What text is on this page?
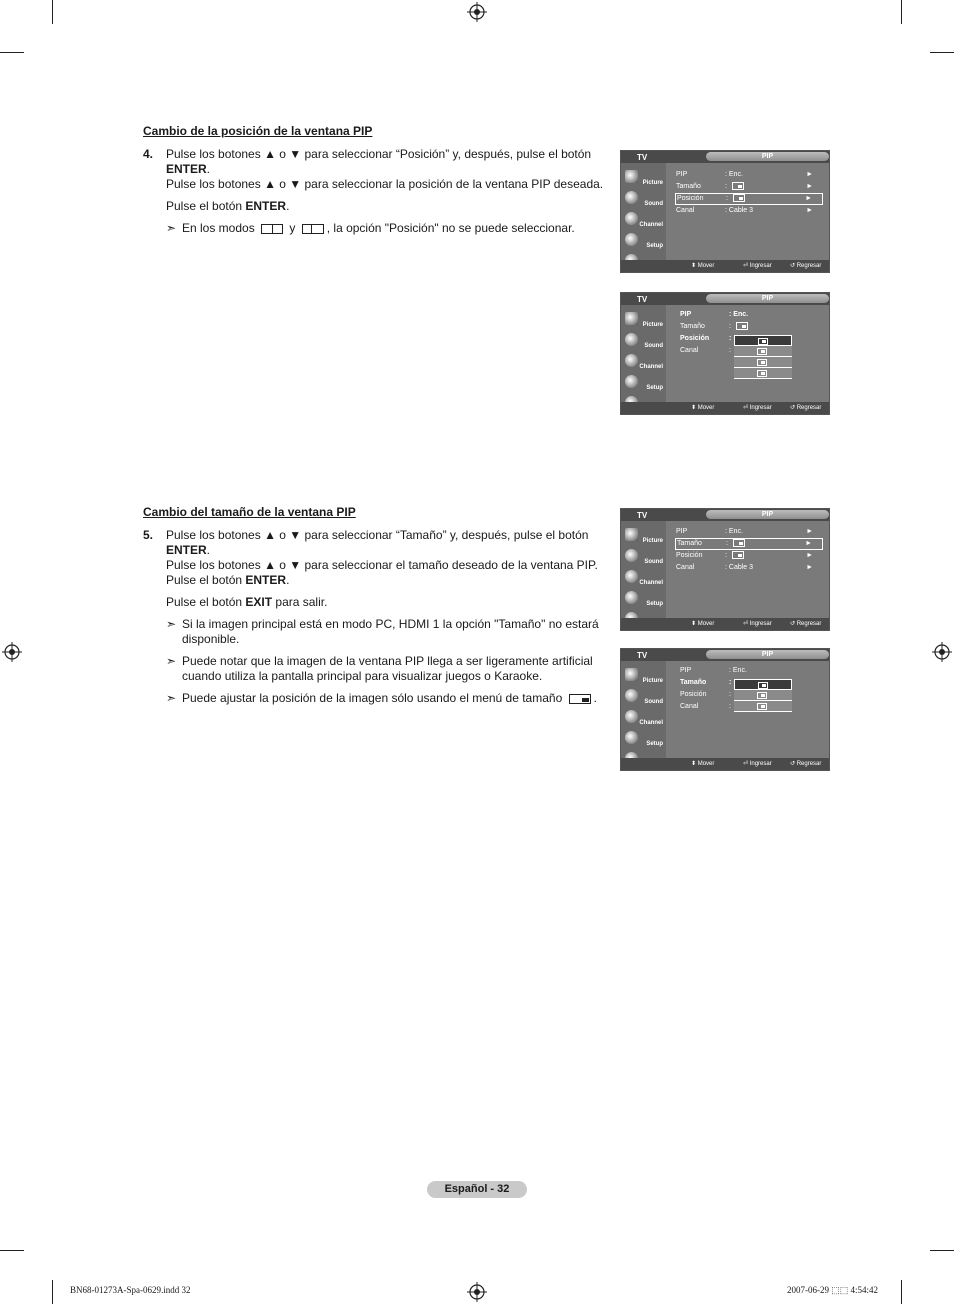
Cambio de la posición de la ventana PIP
4. Pulse los botones ▲ o ▼ para seleccionar “Posición” y, después, pulse el botón ENTER.

Pulse los botones ▲ o ▼ para seleccionar la posición de la ventana PIP deseada.

Pulse el botón ENTER.

➣ En los modos	y	, la opción "Posición" no se puede seleccionar.
TV	PIP
Picture
Sound
Channel
Setup
PIP	: Enc.	►
Tamaño	:	►
Posición	:	►
Canal	: Cable 3	►
⬍ Mover	⏎ Ingresar	↺ Regresar
TV	PIP
Picture
Sound
Channel
Setup
PIP	: Enc.
Tamaño	:
Posición	:
Canal	:
⬍ Mover	⏎ Ingresar	↺ Regresar
Cambio del tamaño de la ventana PIP
5. Pulse los botones ▲ o ▼ para seleccionar “Tamaño” y, después, pulse el botón ENTER.

Pulse los botones ▲ o ▼ para seleccionar el tamaño deseado de la ventana PIP. Pulse el botón ENTER.

Pulse el botón EXIT para salir.

➣ Si la imagen principal está en modo PC, HDMI 1 la opción "Tamaño" no estará disponible.
➣ Puede notar que la imagen de la ventana PIP llega a ser ligeramente artificial cuando utiliza la pantalla principal para visualizar juegos o Karaoke.
➣ Puede ajustar la posición de la imagen sólo usando el menú de tamaño	.
TV	PIP
Picture
Sound
Channel
Setup
PIP	: Enc.	►
Tamaño	:	►
Posición	:	►
Canal	: Cable 3	►
⬍ Mover	⏎ Ingresar	↺ Regresar
TV	PIP
Picture
Sound
Channel
Setup
PIP	: Enc.
Tamaño	:
Posición	:
Canal	:
⬍ Mover	⏎ Ingresar	↺ Regresar
Español - 32
BN68-01273A-Spa-0629.indd 32	2007-06-29 ⬚⬚ 4:54:42
